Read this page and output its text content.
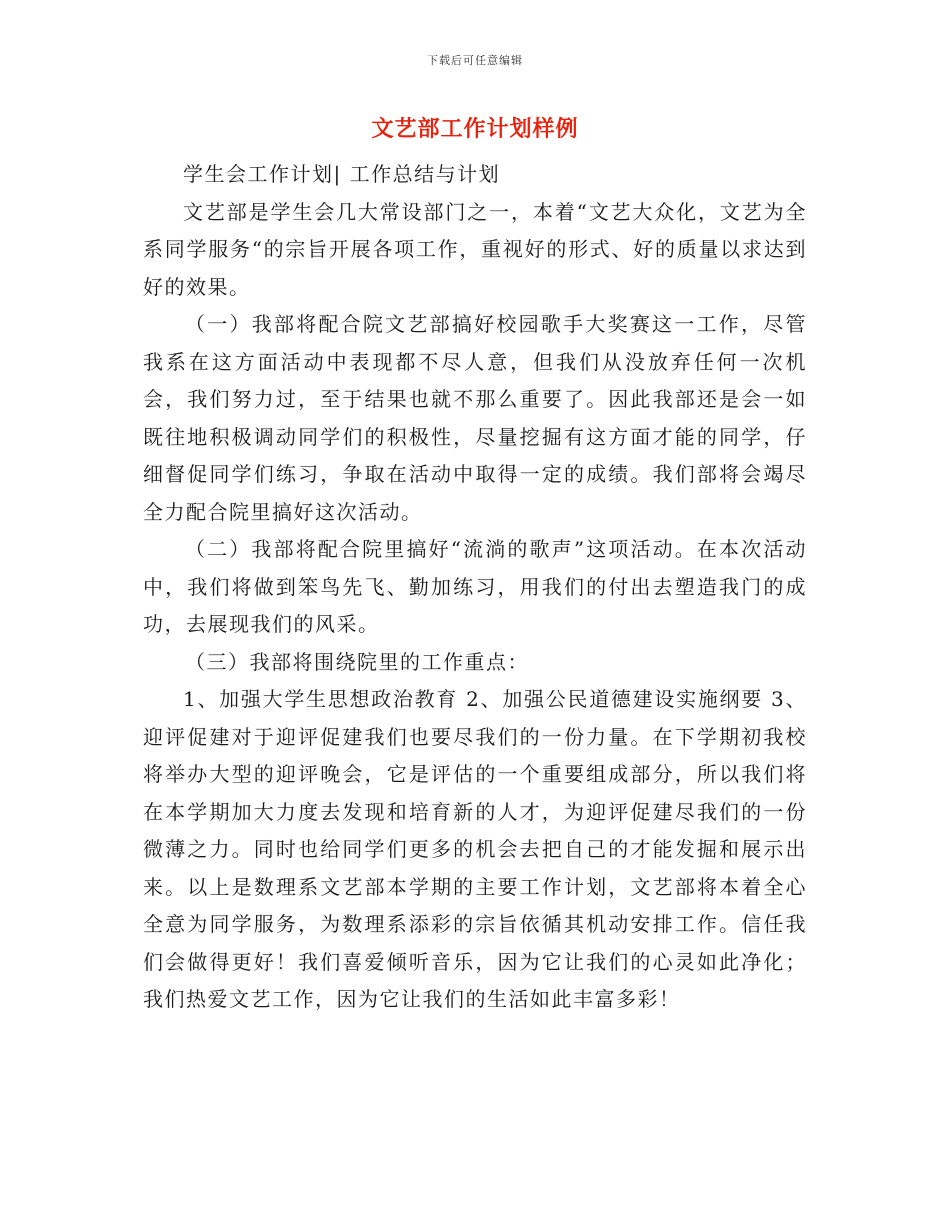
下载后可任意编辑
文艺部工作计划样例

学生会工作计划| 工作总结与计划

文艺部是学生会几大常设部门之一，本着“文艺大众化，文艺为全系同学服务“的宗旨开展各项工作，重视好的形式、好的质量以求达到好的效果。

（一）我部将配合院文艺部搞好校园歌手大奖赛这一工作，尽管我系在这方面活动中表现都不尽人意，但我们从没放弃任何一次机会，我们努力过，至于结果也就不那么重要了。因此我部还是会一如既往地积极调动同学们的积极性，尽量挖掘有这方面才能的同学，仔细督促同学们练习，争取在活动中取得一定的成绩。我们部将会竭尽全力配合院里搞好这次活动。

（二）我部将配合院里搞好“流淌的歌声”这项活动。在本次活动中，我们将做到笨鸟先飞、勤加练习，用我们的付出去塑造我门的成功，去展现我们的风采。

（三）我部将围绕院里的工作重点：

1、加强大学生思想政治教育 2、加强公民道德建设实施纲要 3、迎评促建对于迎评促建我们也要尽我们的一份力量。在下学期初我校将举办大型的迎评晚会，它是评估的一个重要组成部分，所以我们将在本学期加大力度去发现和培育新的人才，为迎评促建尽我们的一份微薄之力。同时也给同学们更多的机会去把自己的才能发掘和展示出来。以上是数理系文艺部本学期的主要工作计划，文艺部将本着全心全意为同学服务，为数理系添彩的宗旨依循其机动安排工作。信任我们会做得更好！我们喜爱倾听音乐，因为它让我们的心灵如此净化；我们热爱文艺工作，因为它让我们的生活如此丰富多彩！
